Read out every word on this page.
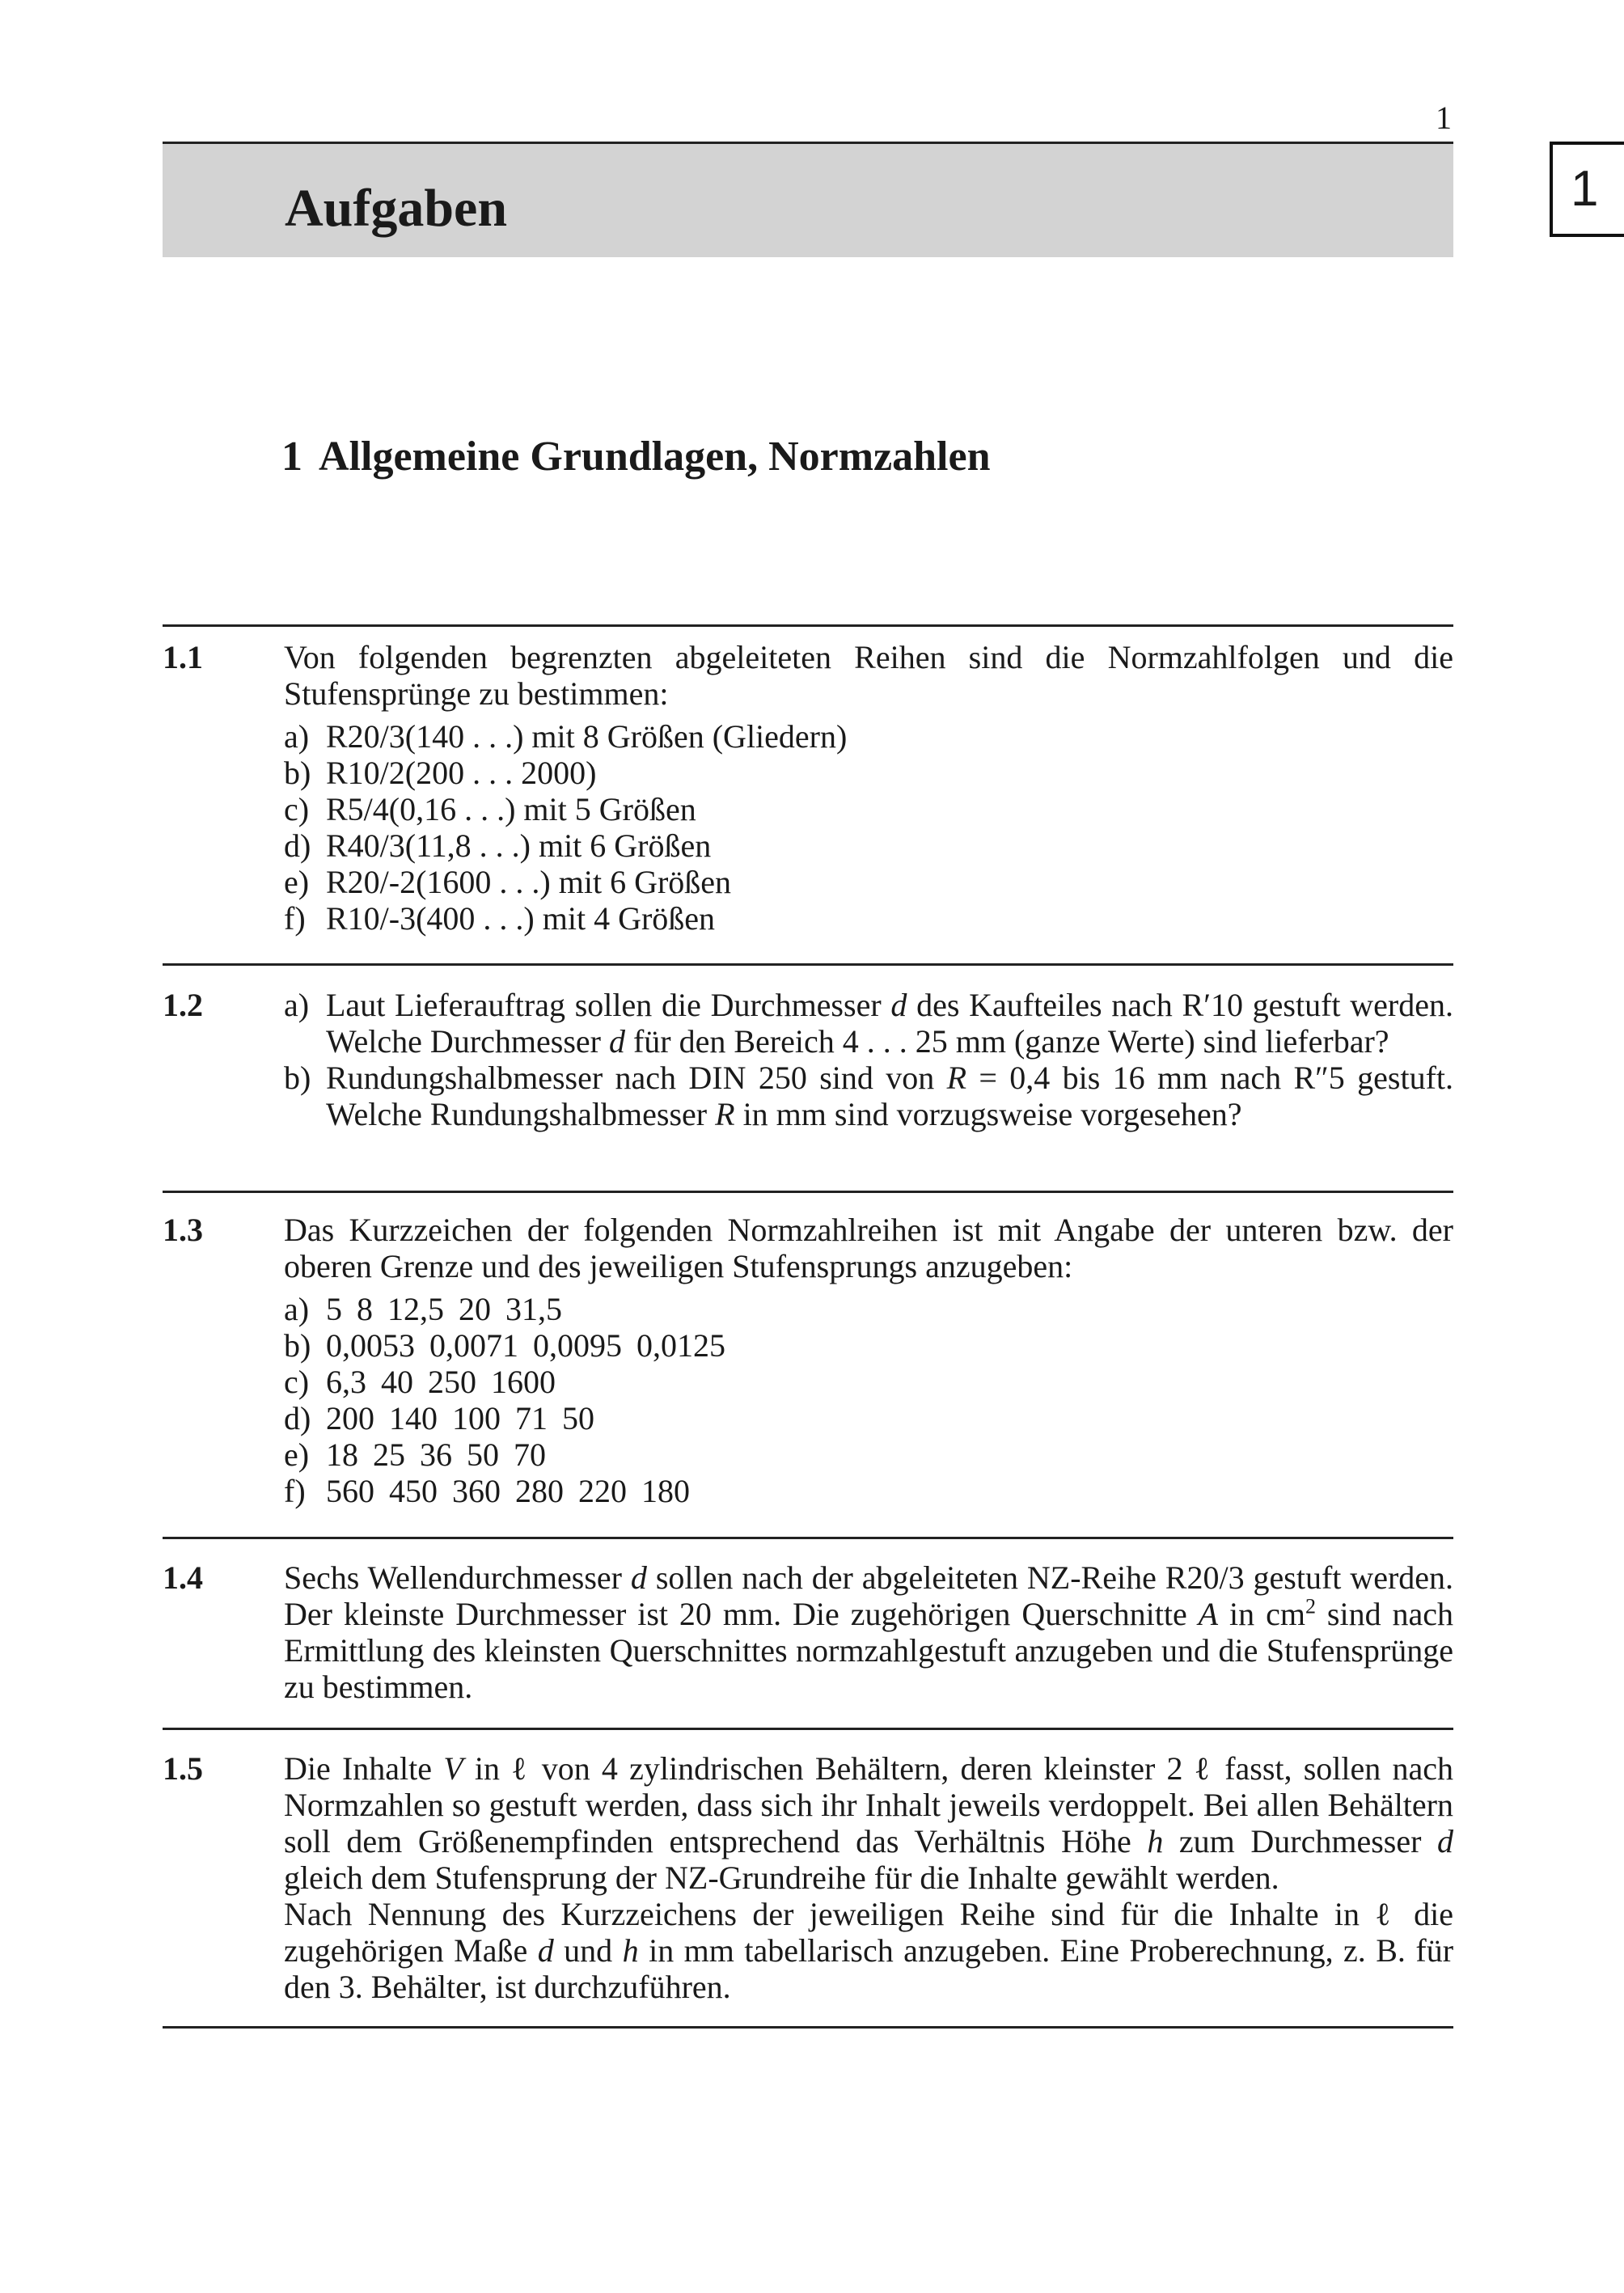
1
Aufgaben	1
1 Allgemeine Grundlagen, Normzahlen
1.1	Von folgenden begrenzten abgeleiteten Reihen sind die Normzahlfolgen und die Stufensprünge zu bestimmen:
a) R20/3(140 . . .) mit 8 Größen (Gliedern)
b) R10/2(200 . . . 2000)
c) R5/4(0,16 . . .) mit 5 Größen
d) R40/3(11,8 . . .) mit 6 Größen
e) R20/-2(1600 . . .) mit 6 Größen
f) R10/-3(400 . . .) mit 4 Größen
1.2	a) Laut Lieferauftrag sollen die Durchmesser d des Kaufteiles nach R′10 gestuft werden. Welche Durchmesser d für den Bereich 4 . . . 25 mm (ganze Werte) sind lieferbar?
b) Rundungshalbmesser nach DIN 250 sind von R = 0,4 bis 16 mm nach R″5 gestuft. Welche Rundungshalbmesser R in mm sind vorzugsweise vorgesehen?
1.3	Das Kurzzeichen der folgenden Normzahlreihen ist mit Angabe der unteren bzw. der oberen Grenze und des jeweiligen Stufensprungs anzugeben:
a) 5 8 12,5 20 31,5
b) 0,0053 0,0071 0,0095 0,0125
c) 6,3 40 250 1600
d) 200 140 100 71 50
e) 18 25 36 50 70
f) 560 450 360 280 220 180
1.4	Sechs Wellendurchmesser d sollen nach der abgeleiteten NZ-Reihe R20/3 gestuft werden. Der kleinste Durchmesser ist 20 mm. Die zugehörigen Querschnitte A in $cm^2$ sind nach Ermittlung des kleinsten Querschnittes normzahlgestuft anzugeben und die Stufensprünge zu bestimmen.
1.5	Die Inhalte V in ℓ von 4 zylindrischen Behältern, deren kleinster 2 ℓ fasst, sollen nach Normzahlen so gestuft werden, dass sich ihr Inhalt jeweils verdoppelt. Bei allen Behältern soll dem Größenempfinden entsprechend das Verhältnis Höhe h zum Durchmesser d gleich dem Stufensprung der NZ-Grundreihe für die Inhalte gewählt werden.
Nach Nennung des Kurzzeichens der jeweiligen Reihe sind für die Inhalte in ℓ die zugehörigen Maße d und h in mm tabellarisch anzugeben. Eine Proberechnung, z. B. für den 3. Behälter, ist durchzuführen.
